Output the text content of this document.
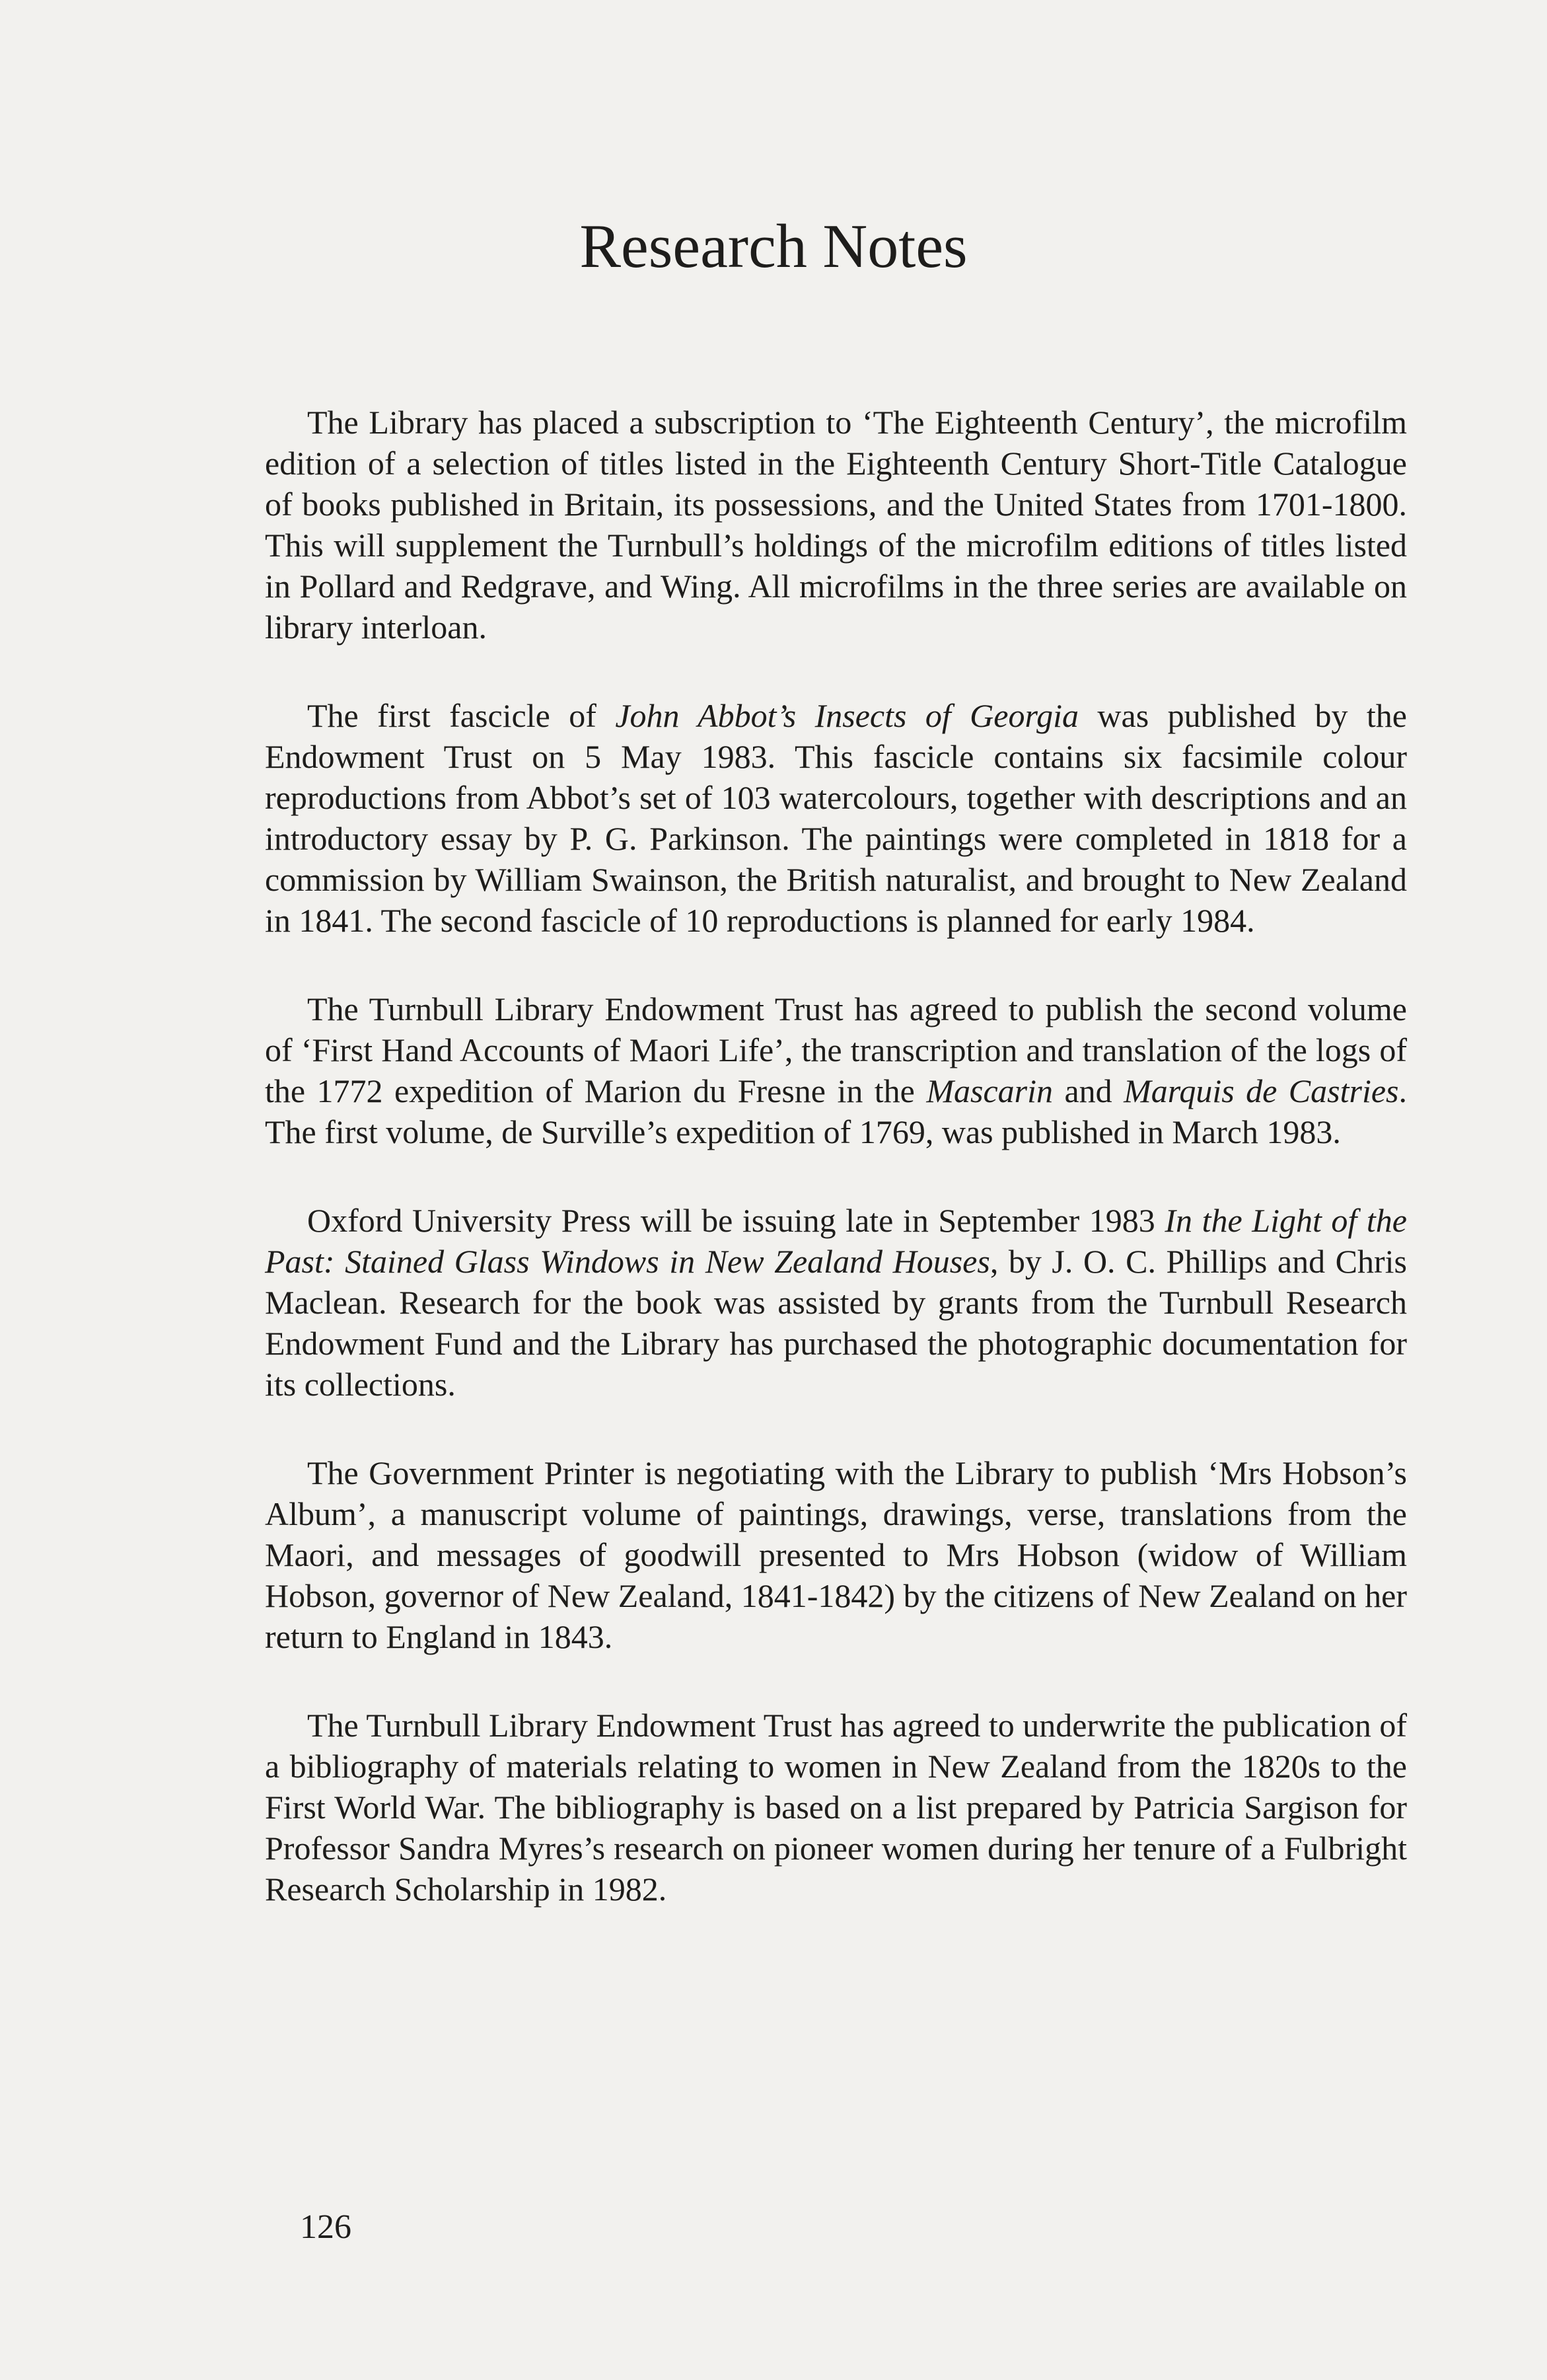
Research Notes

The Library has placed a subscription to ‘The Eighteenth Century’, the microfilm edition of a selection of titles listed in the Eighteenth Century Short-Title Catalogue of books published in Britain, its possessions, and the United States from 1701-1800. This will supplement the Turnbull’s holdings of the microfilm editions of titles listed in Pollard and Redgrave, and Wing. All microfilms in the three series are available on library interloan.

The first fascicle of John Abbot’s Insects of Georgia was published by the Endowment Trust on 5 May 1983. This fascicle contains six facsimile colour reproductions from Abbot’s set of 103 watercolours, together with descriptions and an introductory essay by P. G. Parkinson. The paintings were completed in 1818 for a commission by William Swainson, the British naturalist, and brought to New Zealand in 1841. The second fascicle of 10 reproductions is planned for early 1984.

The Turnbull Library Endowment Trust has agreed to publish the second volume of ‘First Hand Accounts of Maori Life’, the transcription and translation of the logs of the 1772 expedition of Marion du Fresne in the Mascarin and Marquis de Castries. The first volume, de Surville’s expedition of 1769, was published in March 1983.

Oxford University Press will be issuing late in September 1983 In the Light of the Past: Stained Glass Windows in New Zealand Houses, by J. O. C. Phillips and Chris Maclean. Research for the book was assisted by grants from the Turnbull Research Endowment Fund and the Library has purchased the photographic documentation for its collections.

The Government Printer is negotiating with the Library to publish ‘Mrs Hobson’s Album’, a manuscript volume of paintings, drawings, verse, translations from the Maori, and messages of goodwill presented to Mrs Hobson (widow of William Hobson, governor of New Zealand, 1841-1842) by the citizens of New Zealand on her return to England in 1843.

The Turnbull Library Endowment Trust has agreed to underwrite the publication of a bibliography of materials relating to women in New Zealand from the 1820s to the First World War. The bibliography is based on a list prepared by Patricia Sargison for Professor Sandra Myres’s research on pioneer women during her tenure of a Fulbright Research Scholarship in 1982.

126
